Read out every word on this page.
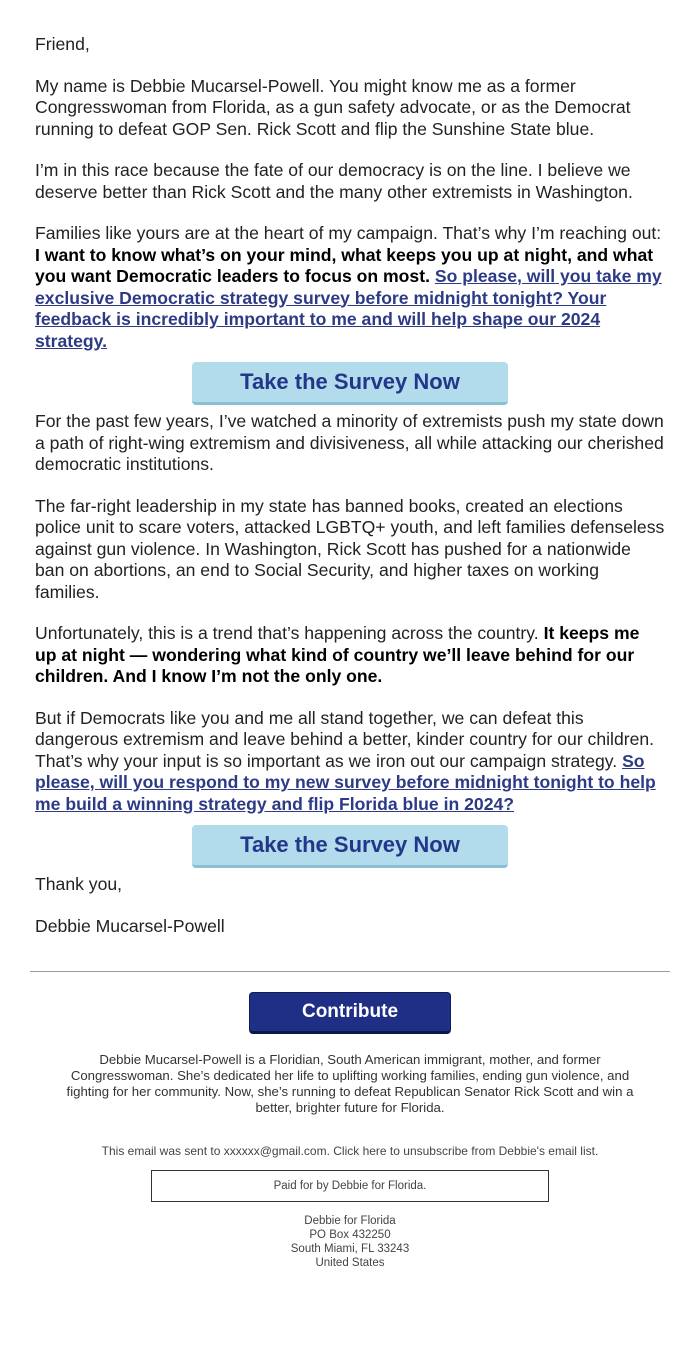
Friend,

My name is Debbie Mucarsel-Powell. You might know me as a former Congresswoman from Florida, as a gun safety advocate, or as the Democrat running to defeat GOP Sen. Rick Scott and flip the Sunshine State blue.

I’m in this race because the fate of our democracy is on the line. I believe we deserve better than Rick Scott and the many other extremists in Washington.

Families like yours are at the heart of my campaign. That’s why I’m reaching out: I want to know what’s on your mind, what keeps you up at night, and what you want Democratic leaders to focus on most. So please, will you take my exclusive Democratic strategy survey before midnight tonight? Your feedback is incredibly important to me and will help shape our 2024 strategy.

Take the Survey Now

For the past few years, I’ve watched a minority of extremists push my state down a path of right-wing extremism and divisiveness, all while attacking our cherished democratic institutions.

The far-right leadership in my state has banned books, created an elections police unit to scare voters, attacked LGBTQ+ youth, and left families defenseless against gun violence. In Washington, Rick Scott has pushed for a nationwide ban on abortions, an end to Social Security, and higher taxes on working families.

Unfortunately, this is a trend that’s happening across the country. It keeps me up at night — wondering what kind of country we’ll leave behind for our children. And I know I’m not the only one.

But if Democrats like you and me all stand together, we can defeat this dangerous extremism and leave behind a better, kinder country for our children. That’s why your input is so important as we iron out our campaign strategy. So please, will you respond to my new survey before midnight tonight to help me build a winning strategy and flip Florida blue in 2024?

Take the Survey Now

Thank you,

Debbie Mucarsel-Powell

Contribute
Debbie Mucarsel-Powell is a Floridian, South American immigrant, mother, and former Congresswoman. She’s dedicated her life to uplifting working families, ending gun violence, and fighting for her community. Now, she’s running to defeat Republican Senator Rick Scott and win a better, brighter future for Florida.
This email was sent to xxxxxx@gmail.com. Click here to unsubscribe from Debbie's email list.
Paid for by Debbie for Florida.
Debbie for Florida
PO Box 432250
South Miami, FL 33243
United States
